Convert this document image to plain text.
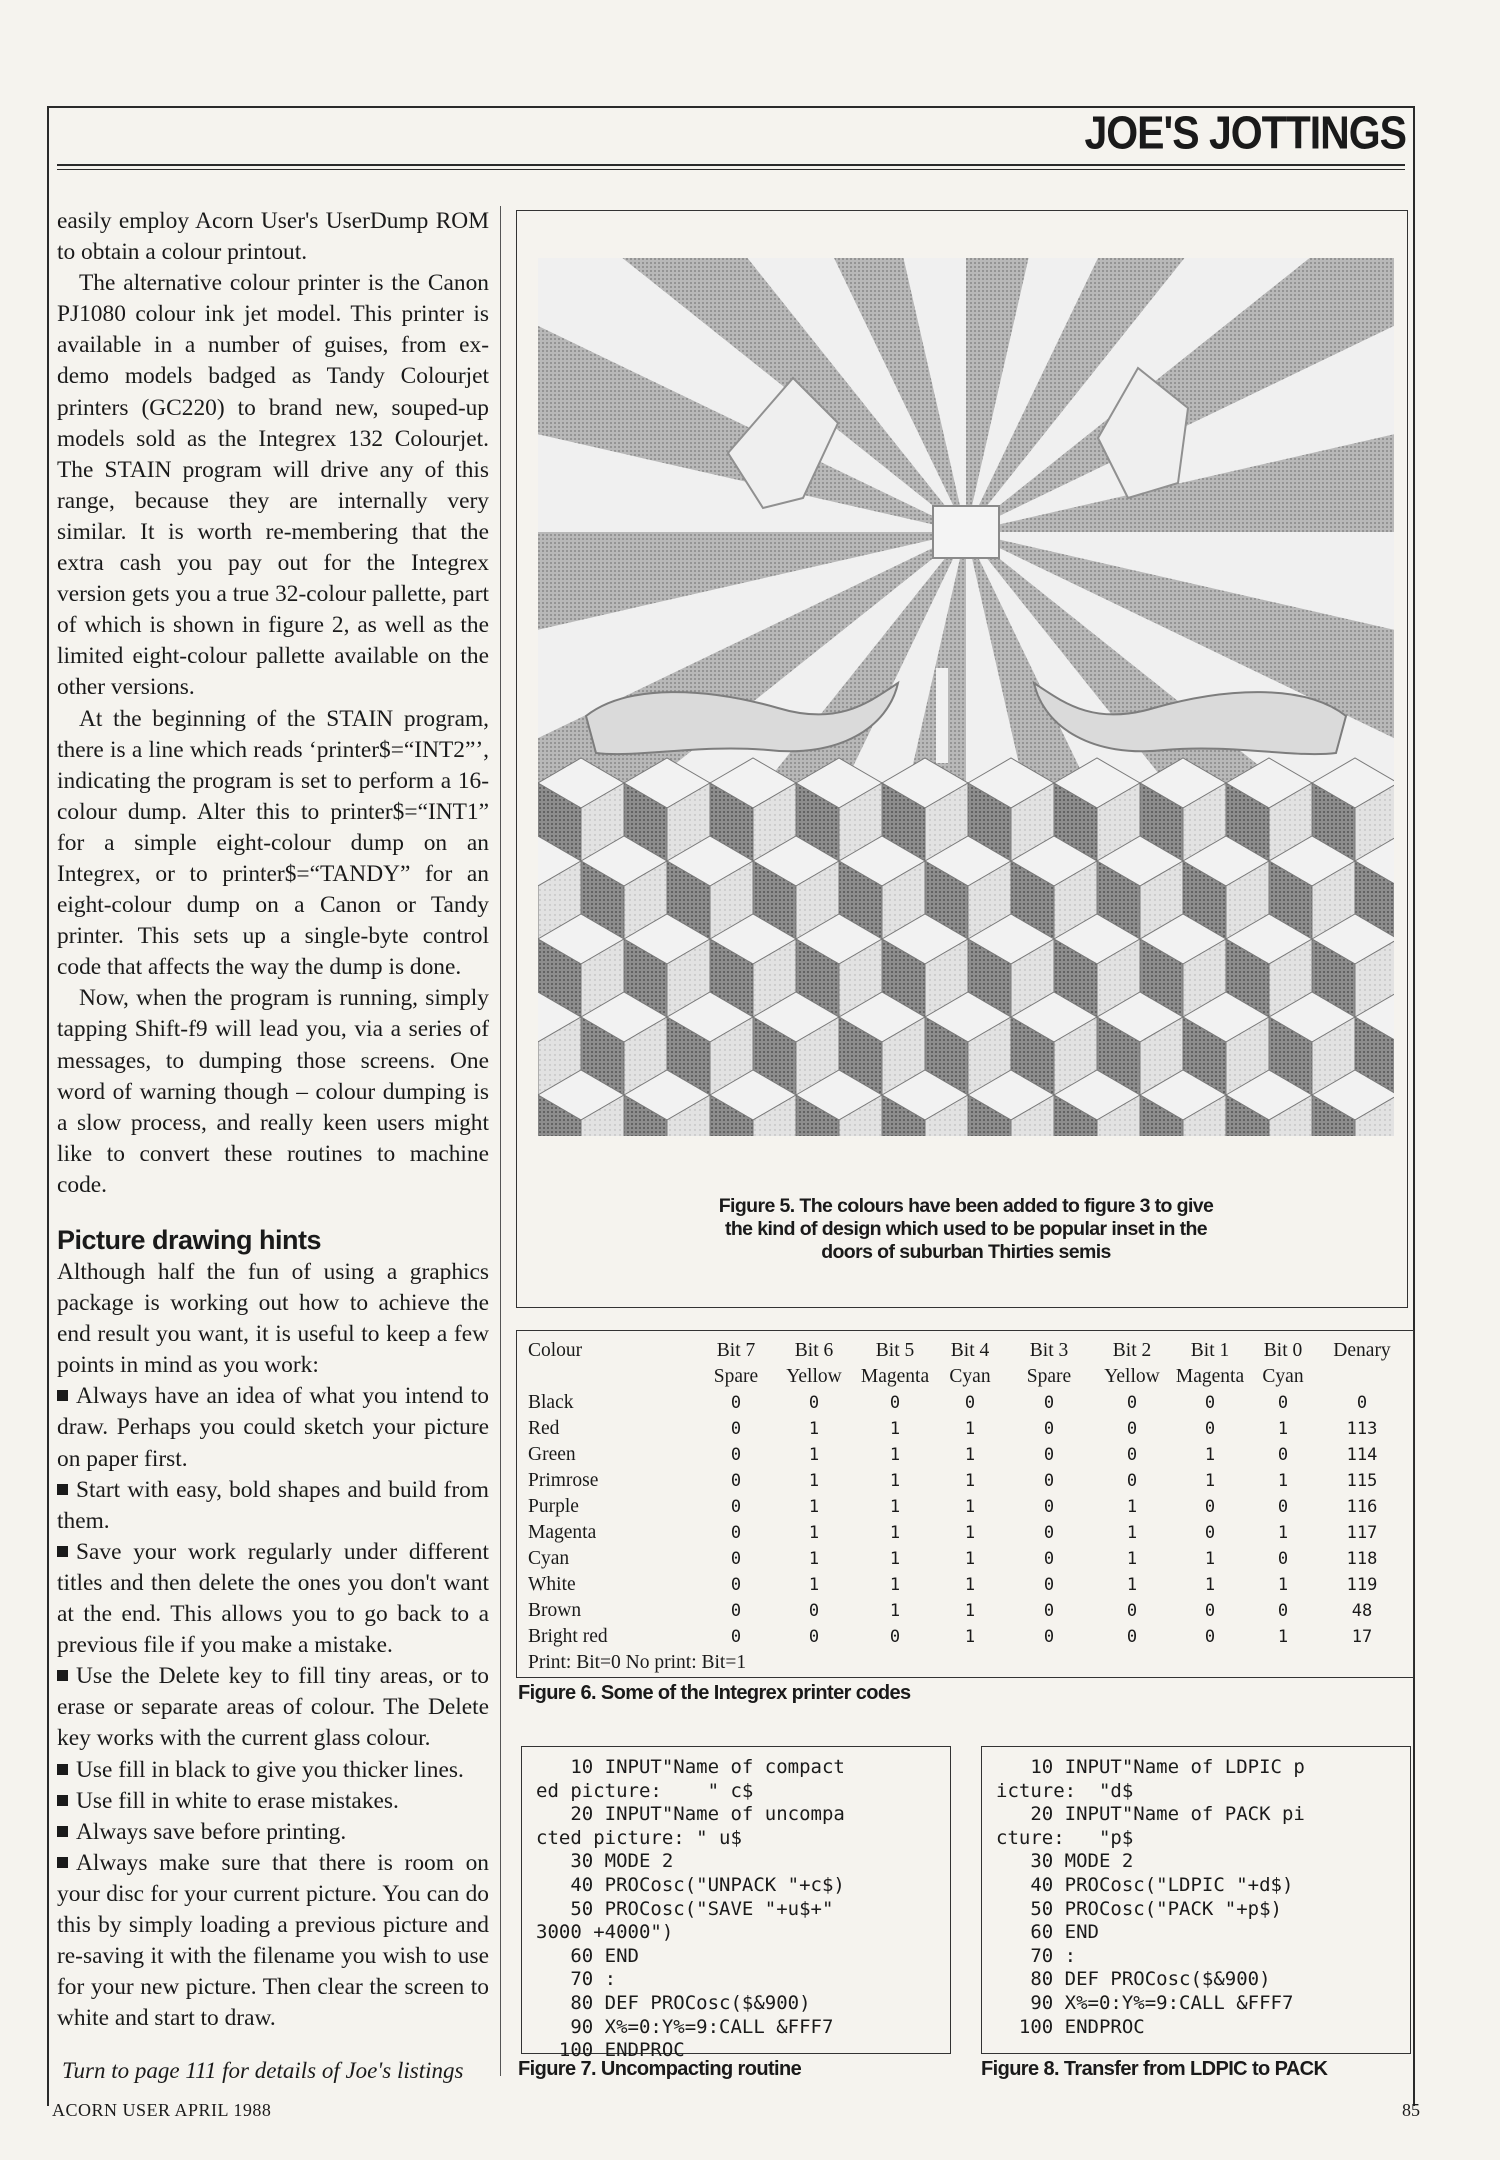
JOE'S JOTTINGS

easily employ Acorn User's UserDump ROM to obtain a colour printout.

The alternative colour printer is the Canon PJ1080 colour ink jet model. This printer is available in a number of guises, from ex-demo models badged as Tandy Colourjet printers (GC220) to brand new, souped-up models sold as the Integrex 132 Colourjet. The STAIN program will drive any of this range, because they are internally very similar. It is worth re-membering that the extra cash you pay out for the Integrex version gets you a true 32-colour pallette, part of which is shown in figure 2, as well as the limited eight-colour pallette available on the other versions.

At the beginning of the STAIN program, there is a line which reads ‘printer$=“INT2”’, indicating the program is set to perform a 16-colour dump. Alter this to printer$=“INT1” for a simple eight-colour dump on an Integrex, or to printer$=“TANDY” for an eight-colour dump on a Canon or Tandy printer. This sets up a single-byte control code that affects the way the dump is done.

Now, when the program is running, simply tapping Shift-f9 will lead you, via a series of messages, to dumping those screens. One word of warning though – colour dumping is a slow process, and really keen users might like to convert these routines to machine code.

Picture drawing hints

Although half the fun of using a graphics package is working out how to achieve the end result you want, it is useful to keep a few points in mind as you work:

Always have an idea of what you intend to draw. Perhaps you could sketch your picture on paper first.

Start with easy, bold shapes and build from them.

Save your work regularly under different titles and then delete the ones you don't want at the end. This allows you to go back to a previous file if you make a mistake.

Use the Delete key to fill tiny areas, or to erase or separate areas of colour. The Delete key works with the current glass colour.

Use fill in black to give you thicker lines.

Use fill in white to erase mistakes.

Always save before printing.

Always make sure that there is room on your disc for your current picture. You can do this by simply loading a previous picture and re-saving it with the filename you wish to use for your new picture. Then clear the screen to white and start to draw.

Turn to page 111 for details of Joe's listings
Figure 5. The colours have been added to figure 3 to give
the kind of design which used to be popular inset in the
doors of suburban Thirties semis
Colour	Bit 7	Bit 6	Bit 5	Bit 4	Bit 3	Bit 2	Bit 1	Bit 0	Denary
	Spare	Yellow	Magenta	Cyan	Spare	Yellow	Magenta	Cyan	
Black	0	0	0	0	0	0	0	0	0
Red	0	1	1	1	0	0	0	1	113
Green	0	1	1	1	0	0	1	0	114
Primrose	0	1	1	1	0	0	1	1	115
Purple	0	1	1	1	0	1	0	0	116
Magenta	0	1	1	1	0	1	0	1	117
Cyan	0	1	1	1	0	1	1	0	118
White	0	1	1	1	0	1	1	1	119
Brown	0	0	1	1	0	0	0	0	48
Bright red	0	0	0	1	0	0	0	1	17
Print: Bit=0 No print: Bit=1									
Figure 6. Some of the Integrex printer codes
10 INPUT"Name of compact
ed picture:    " c$
20 INPUT"Name of uncompa
cted picture: " u$
30 MODE 2
40 PROCosc("UNPACK "+c$)
50 PROCosc("SAVE "+u$+"
3000 +4000")
60 END
70 :
80 DEF PROCosc($&900)
90 X%=0:Y%=9:CALL &FFF7
100 ENDPROC
Figure 7. Uncompacting routine
10 INPUT"Name of LDPIC p
icture:  "d$
20 INPUT"Name of PACK pi
cture:   "p$
30 MODE 2
40 PROCosc("LDPIC "+d$)
50 PROCosc("PACK "+p$)
60 END
70 :
80 DEF PROCosc($&900)
90 X%=0:Y%=9:CALL &FFF7
100 ENDPROC
Figure 8. Transfer from LDPIC to PACK
ACORN USER APRIL 1988	85
